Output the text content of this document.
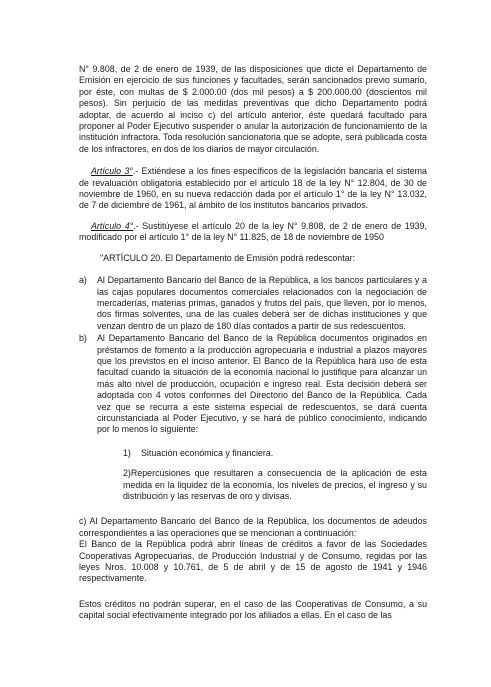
N° 9.808, de 2 de enero de 1939, de las disposiciones que dicte el Departamento de Emisión en ejercicio de sus funciones y facultades, serán sancionados previo sumario, por éste, con multas de $ 2.000.00 (dos mil pesos) a $ 200.000.00 (doscientos mil pesos). Sin perjuicio de las medidas preventivas que dicho Departamento podrá adoptar, de acuerdo al inciso c) del artículo anterior, éste quedará facultado para proponer al Poder Ejecutivo suspender o anular la autorización de funcionamiento de la institución infractora. Toda resolución sancionatoria que se adopte, será publicada costa de los infractores, en dos de los diarios de mayor circulación.

Artículo 3°.- Extiéndese a los fines específicos de la legislación bancaria el sistema de revaluación obligatoria establecido por el artículo 18 de la ley N° 12.804, de 30 de noviembre de 1960, en su nueva redacción dada por el artículo 1° de la ley N° 13.032, de 7 de diciembre de 1961, al ámbito de los institutos bancarios privados.

Artículo 4°.- Sustitúyese el artículo 20 de la ley N° 9.808, de 2 de enero de 1939, modificado por el artículo 1° de la ley N° 11.825, de 18 de noviembre de 1950

"ARTÍCULO 20. El Departamento de Emisión podrá redescontar:

a) Al Departamento Bancario del Banco de la República, a los bancos particulares y a las cajas populares documentos comerciales relacionados con la negociación de mercaderías, materias primas, ganados y frutos del país, que lleven, por lo menos, dos firmas solventes, una de las cuales deberá ser de dichas instituciones y que venzan dentro de un plazo de 180 días contados a partir de sus redescuentos.

b) Al Departamento Bancario del Banco de la República documentos originados en préstamos de fomento a la producción agropecuaria e industrial a plazos mayores que los previstos en el inciso anterior. El Banco de la República hará uso de esta facultad cuando la situación de la economía nacional lo justifique para alcanzar un más alto nivel de producción, ocupación e ingreso real. Esta decisión deberá ser adoptada con 4 votos conformes del Directorio del Banco de la República. Cada vez que se recurra a este sistema especial de redescuentos, se dará cuenta circunstanciada al Poder Ejecutivo, y se hará de público conocimiento, indicando por lo menos lo siguiente:

1) Situación económica y financiera.

2)Repercusiones que resultaren a consecuencia de la aplicación de esta medida en la liquidez de la economía, los niveles de precios, el ingreso y su distribución y las reservas de oro y divisas.

c) Al Departamento Bancario del Banco de la República, los documentos de adeudos correspondientes a las operaciones que se mencionan a continuación:

El Banco de la República podrá abrir líneas de créditos a favor de las Sociedades Cooperativas Agropecuarias, de Producción Industrial y de Consumo, regidas por las leyes Nros. 10.008 y 10.761, de 5 de abril y de 15 de agosto de 1941 y 1946 respectivamente.

Estos créditos no podrán superar, en el caso de las Cooperativas de Consumo, a su capital social efectivamente integrado por los afiliados a ellas. En el caso de las
